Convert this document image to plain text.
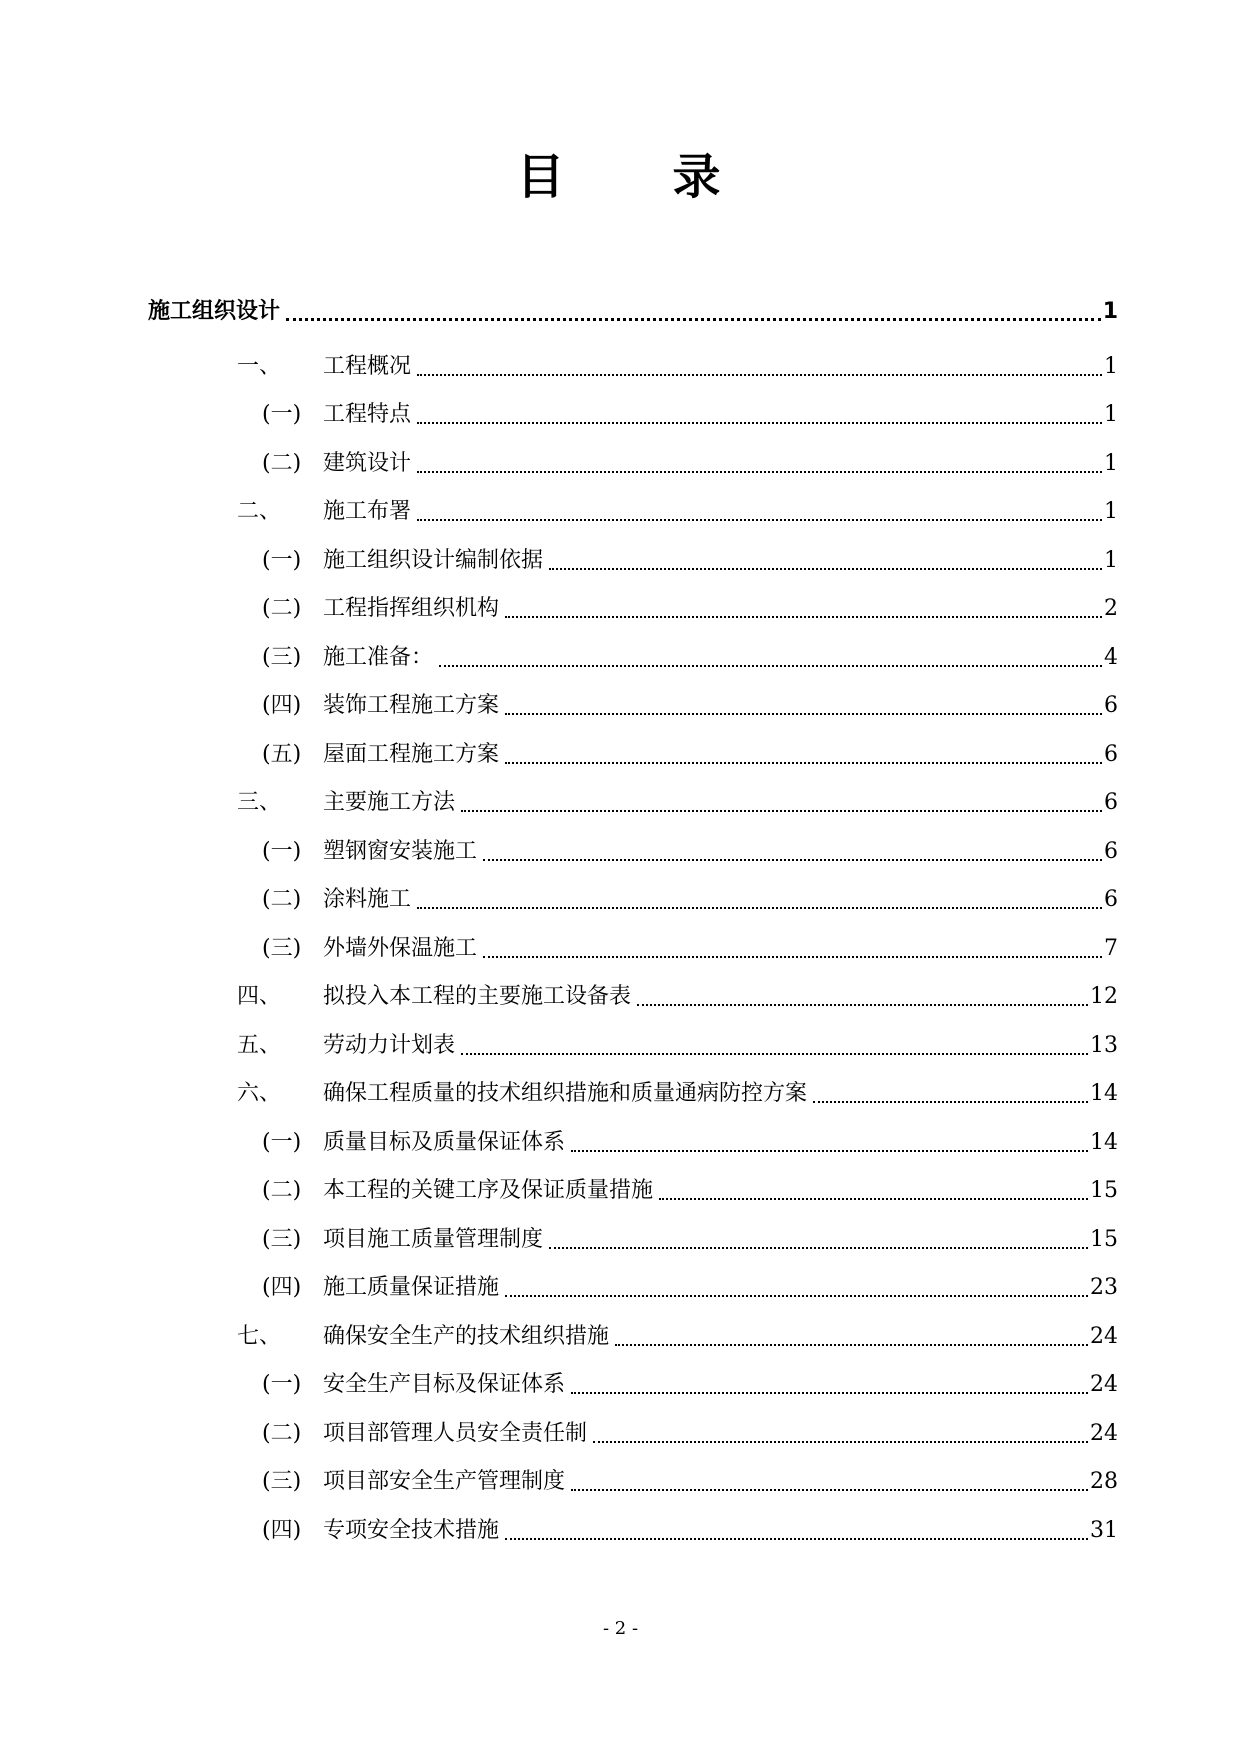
目　　录
施工组织设计	1
一、	工程概况	1
(一) 工程特点	1
(二) 建筑设计	1
二、	施工布署	1
(一) 施工组织设计编制依据	1
(二) 工程指挥组织机构	2
(三) 施工准备：	4
(四) 装饰工程施工方案	6
(五) 屋面工程施工方案	6
三、	主要施工方法	6
(一) 塑钢窗安装施工	6
(二) 涂料施工	6
(三) 外墙外保温施工	7
四、	拟投入本工程的主要施工设备表	12
五、	劳动力计划表	13
六、	确保工程质量的技术组织措施和质量通病防控方案	14
(一) 质量目标及质量保证体系	14
(二) 本工程的关键工序及保证质量措施	15
(三) 项目施工质量管理制度	15
(四) 施工质量保证措施	23
七、	确保安全生产的技术组织措施	24
(一) 安全生产目标及保证体系	24
(二) 项目部管理人员安全责任制	24
(三) 项目部安全生产管理制度	28
(四) 专项安全技术措施	31
- 2 -
